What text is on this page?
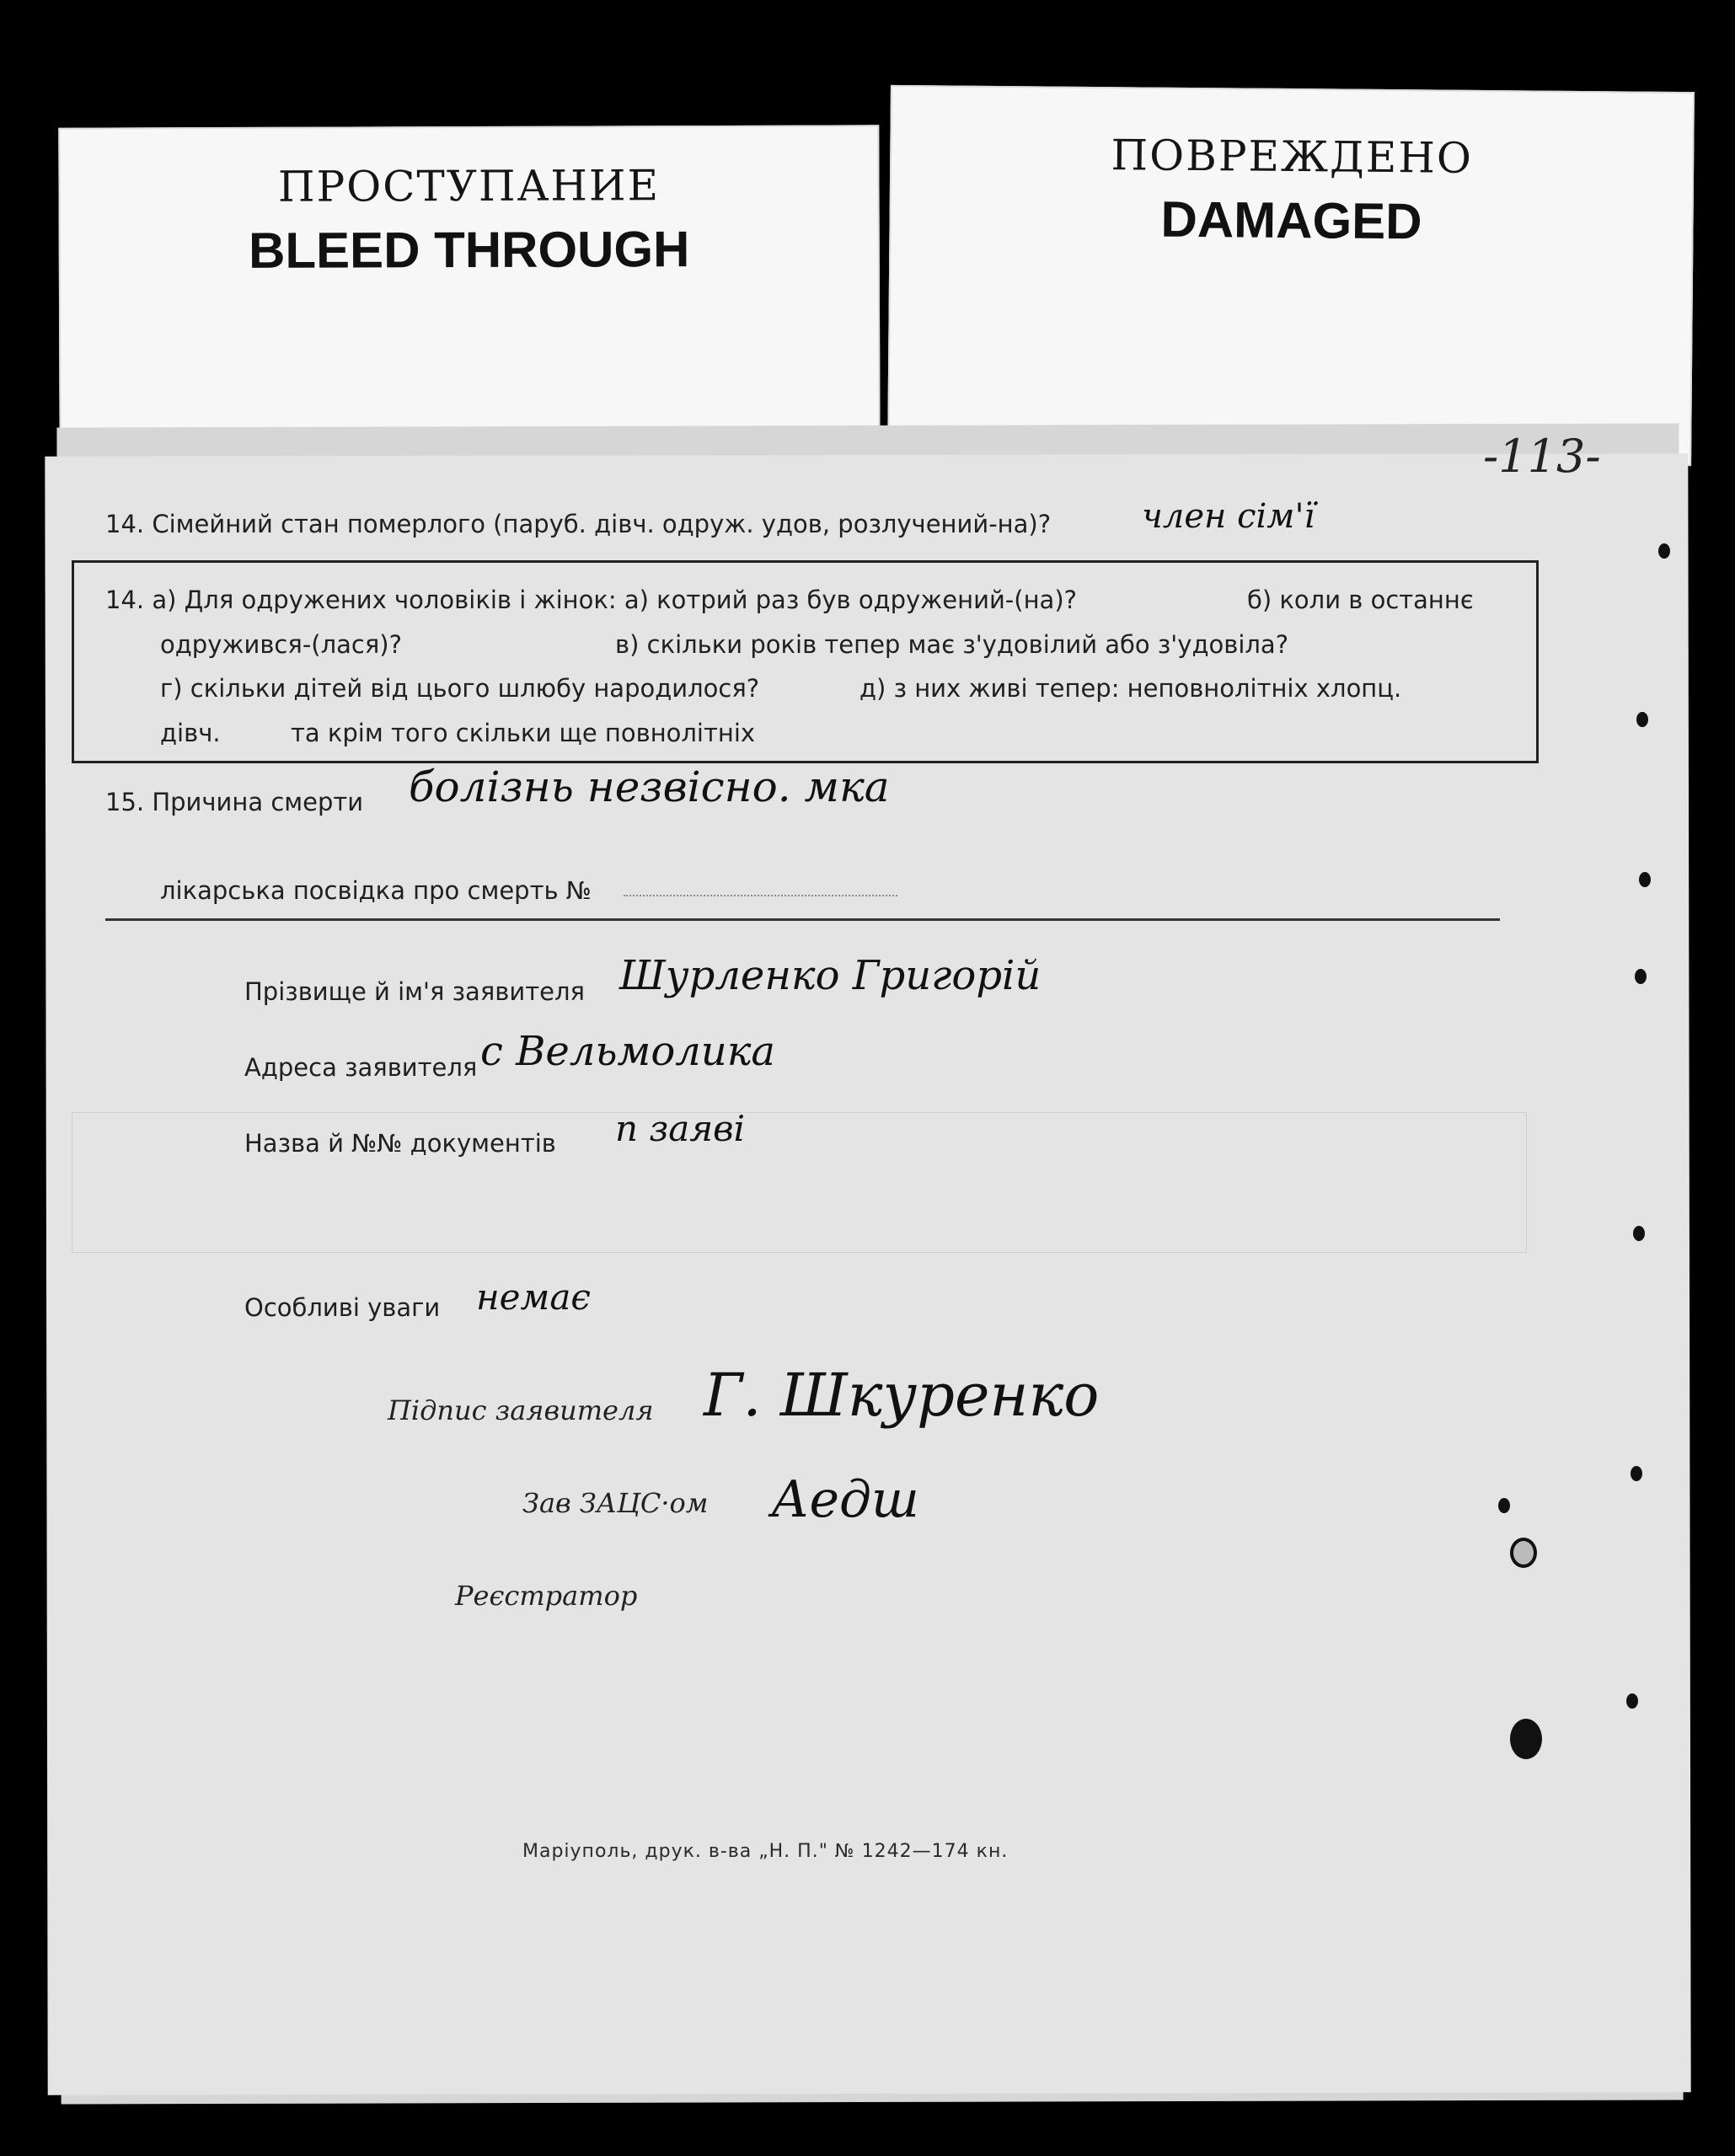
ПРОСТУПАНИЕ
BLEED THROUGH
ПОВРЕЖДЕНО
DAMAGED
-113-
14. Сімейний стан померлого (паруб. дівч. одруж. удов, розлучений-на)?	член сім'ї
14. а) Для одружених чоловіків і жінок: а) котрий раз був одружений-(на)?	б) коли в останнє
одружився-(лася)?	в) скільки років тепер має з'удовілий або з'удовіла?
г) скільки дітей від цього шлюбу народилося?	д) з них живі тепер: неповнолітніх хлопц.
дівч.	та крім того скільки ще повнолітніх
15. Причина смерти болізнь незвісно. мка
лікарська посвідка про смерть №
Прізвище й ім'я заявителя Шурленко Григорій
Адреса заявителя с Вельмолика
Назва й №№ документів п заяві
Особливі уваги немає
Підпис заявителя Г. Шкуренко
Зав ЗАЦС·ом Аедш
Реєстратор
Маріуполь, друк. в-ва „Н. П." № 1242—174 кн.
